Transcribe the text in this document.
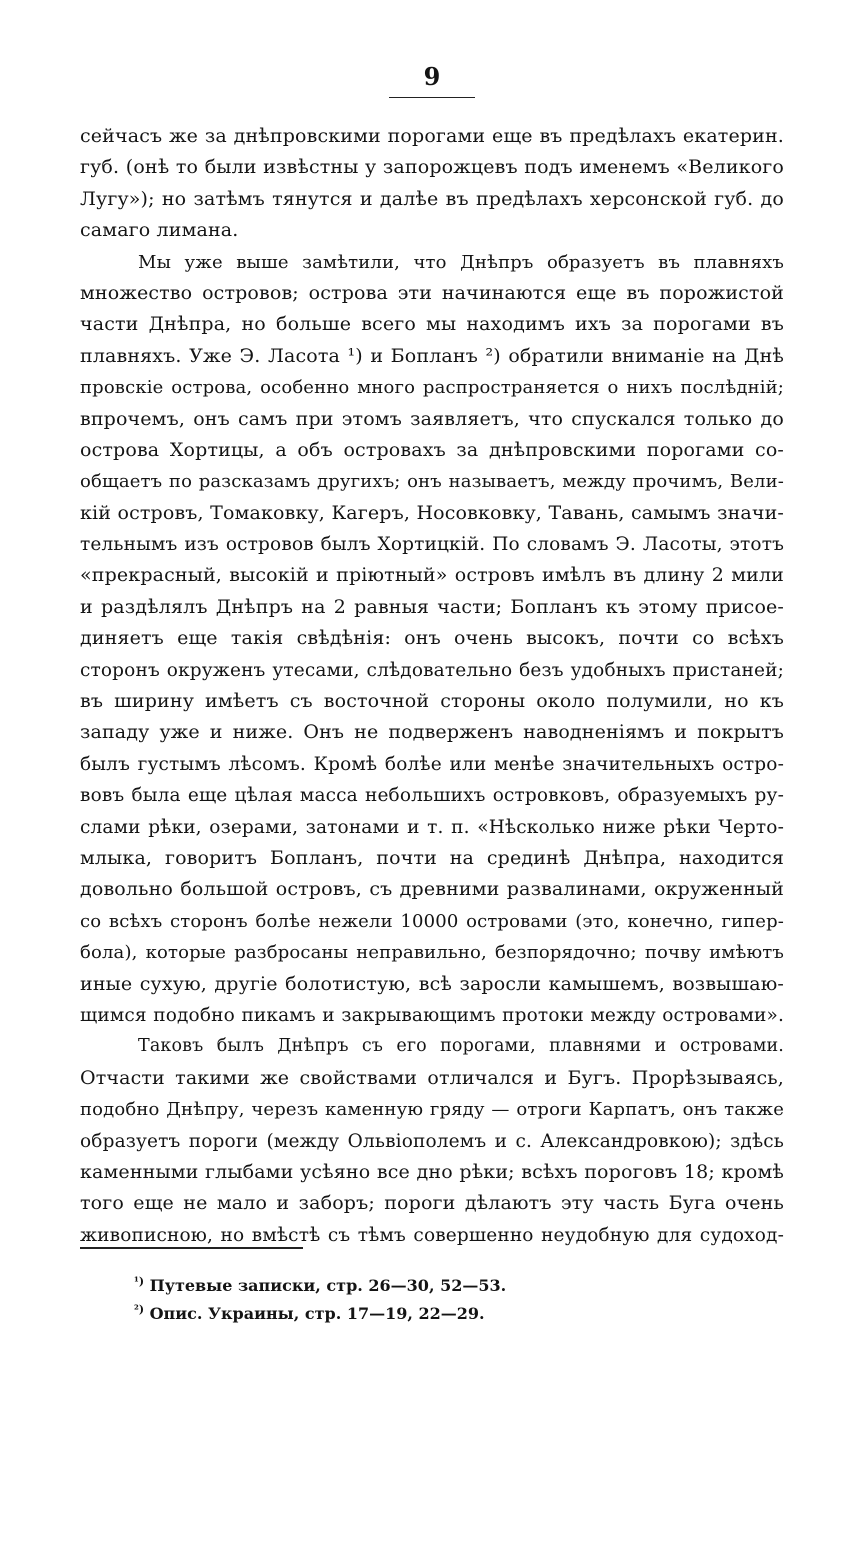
9
сейчасъ же за днѣпровскими порогами еще въ предѣлахъ екатерин.
губ. (онѣ то были извѣстны у запорожцевъ подъ именемъ «Великого
Лугу»); но затѣмъ тянутся и далѣе въ предѣлахъ херсонской губ. до
самаго лимана.
Мы уже выше замѣтили, что Днѣпръ образуетъ въ плавняхъ
множество островов; острова эти начинаются еще въ порожистой
части Днѣпра, но больше всего мы находимъ ихъ за порогами въ
плавняхъ. Уже Э. Ласота ¹) и Бопланъ ²) обратили вниманіе на Днѣ
провскіе острова, особенно много распространяется о нихъ послѣдній;
впрочемъ, онъ самъ при этомъ заявляетъ, что спускался только до
острова Хортицы, а объ островахъ за днѣпровскими порогами со-
общаетъ по разсказамъ другихъ; онъ называетъ, между прочимъ, Вели-
кій островъ, Томаковку, Кагеръ, Носовковку, Тавань, самымъ значи-
тельнымъ изъ островов былъ Хортицкій. По словамъ Э. Ласоты, этотъ
«прекрасный, высокій и пріютный» островъ имѣлъ въ длину 2 мили
и раздѣлялъ Днѣпръ на 2 равныя части; Бопланъ къ этому присое-
диняетъ еще такія свѣдѣнія: онъ очень высокъ, почти со всѣхъ
сторонъ окруженъ утесами, слѣдовательно безъ удобныхъ пристаней;
въ ширину имѣетъ съ восточной стороны около полумили, но къ
западу уже и ниже. Онъ не подверженъ наводненіямъ и покрытъ
былъ густымъ лѣсомъ. Кромѣ болѣе или менѣе значительныхъ остро-
вовъ была еще цѣлая масса небольшихъ островковъ, образуемыхъ ру-
слами рѣки, озерами, затонами и т. п. «Нѣсколько ниже рѣки Черто-
млыка, говоритъ Бопланъ, почти на срединѣ Днѣпра, находится
довольно большой островъ, съ древними развалинами, окруженный
со всѣхъ сторонъ болѣе нежели 10000 островами (это, конечно, гипер-
бола), которые разбросаны неправильно, безпорядочно; почву имѣютъ
иные сухую, другіе болотистую, всѣ заросли камышемъ, возвышаю-
щимся подобно пикамъ и закрывающимъ протоки между островами».
Таковъ былъ Днѣпръ съ его порогами, плавнями и островами.
Отчасти такими же свойствами отличался и Бугъ. Прорѣзываясь,
подобно Днѣпру, черезъ каменную гряду — отроги Карпатъ, онъ также
образуетъ пороги (между Ольвіополемъ и с. Александровкою); здѣсь
каменными глыбами усѣяно все дно рѣки; всѣхъ пороговъ 18; кромѣ
того еще не мало и заборъ; пороги дѣлаютъ эту часть Буга очень
живописною, но вмѣстѣ съ тѣмъ совершенно неудобную для судоход-
$^{^1)}$ Путевые записки, стр. 26—30, 52—53.
$^{^2)}$ Опис. Украины, стр. 17—19, 22—29.
